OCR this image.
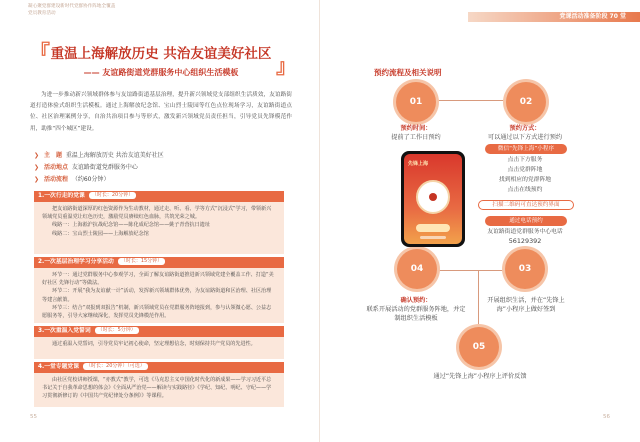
凝心聚党群建设新时代党群协作阵地全覆盖
党员教育活动	党课活动准备阶段 70 堂
『
』
重温上海解放历史 共治友谊美好社区
—— 友谊路街道党群服务中心组织生活模板
为进一步推动新兴领域群体参与友谊路街道基层治理，提升新兴领域党支部组织生活质效，友谊路街道打造体验式组织生活模板。通过上海解放纪念馆、宝山烈士陵园等红色点位现场学习，友谊路街道点位、社区治理案例分享，自治共治项目参与等形式，激发新兴领域党员责任担当，引导党员先锋模范作用，助推“四个城区”建设。
❯ 主　题 重温上海解放历史 共治友谊美好社区
❯ 活动地点 友谊路街道党群服务中心
❯ 活动流程 （约60分钟）
1.一次行走的党课 （时长：20分钟）

把友谊路街道深厚的红色资源作为生动教材，通过走、听、看、学等方式“沉浸式”学习，带领新兴领域党员重温党让红色历史，激励党员赓续红色血脉，共筑光荣之城。

线路一：上海淞沪抗战纪念馆——陈化成纪念馆——姚子青营抗日遗址

线路二：宝山烈士陵园——上海解放纪念馆

2.一次基层治理学习分享活动 （时长：15分钟）

环节一：通过党群服务中心参观学习，全面了解友谊路街道推进新兴领域党建全覆盖工作、打造“美好社区 先锋行动”等做法。

环节二：开展“我为友谊献一计”活动，发挥新兴领域群体优势，为友谊路街道和区治理、社区治理等建言献策。

环节三：结合“双报到双报告”机制，新兴领域党员在党群服务阵地报到，参与认领微心愿、公益志愿服务等，引导大家继续深化，发挥党员先锋模范作用。

3.一次重温入党誓词 （时长：5分钟）

通过重温入党誓词，引导党员牢记初心使命，坚定理想信念，时刻保持共产党员的先进性。

4.一堂专题党课 （时长：20分钟）（可选）

由社区党校讲师授课，“亦教式”教学，可选《马克思主义中国化时代化的新成果——学习习近平总书记关于自我革命思想的体会》《全面从严治党——解读与实践路径》《学纪、知纪、明纪、守纪——学习贯彻新修订的《中国共产党纪律处分条例》》等课程。

55	56
预约流程及相关说明
01	02
04	03
05
预约时间：
提前了工作日预约
先锋上海
预约方式：
可以通过以下方式进行预约
微信“先锋上海”小程序
点击下方服务
点击党群阵地
找到相应的党群阵地
点击在线预约
扫描二维码可直达预约界面
通过电话预约
友谊路街道党群服务中心电话
56129392
确认预约：
联系开展活动的党群服务阵地，并定制组织生活模板
开展组织生活，并在“先锋上海”小程序上做好签到
通过“先锋上海”小程序上评价反馈
